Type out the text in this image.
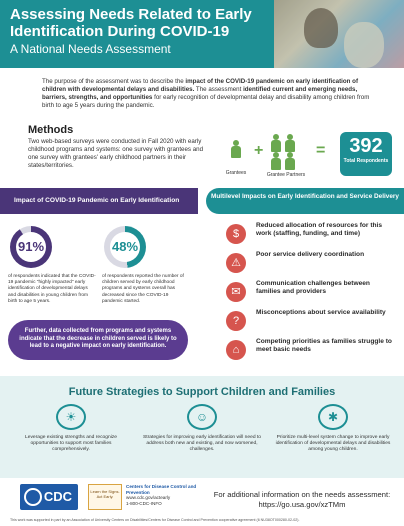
Assessing Needs Related to Early Identification During COVID-19
A National Needs Assessment
The purpose of the assessment was to describe the impact of the COVID-19 pandemic on early identification of children with developmental delays and disabilities. The assessment identified current and emerging needs, barriers, strengths, and opportunities for early recognition of developmental delay and disability among children from birth to age 5 years during the pandemic.
Methods

Two web-based surveys were conducted in Fall 2020 with early childhood programs and systems: one survey with grantees and one survey with grantees' early childhood partners in their states/territories.

Grantees
+
Grantee Partners
=	392
Total Respondents
Impact of COVID-19 Pandemic on Early Identification
91%
of respondents indicated that the COVID-19 pandemic "highly impacted" early identification of developmental delays and disabilities in young children from birth to age 5 years.
48%
of respondents reported the number of children served by early childhood programs and systems overall has decreased since the COVID-19 pandemic started.
Further, data collected from programs and systems indicate that the decrease in children served is likely to lead to a negative impact on early identification.
Multilevel Impacts on Early Identification and Service Delivery
$
Reduced allocation of resources for this work (staffing, funding, and time)
⚠
Poor service delivery coordination
✉
Communication challenges between families and providers
?
Misconceptions about service availability
⌂
Competing priorities as families struggle to meet basic needs
Future Strategies to Support Children and Families
☀

Leverage existing strengths and recognize opportunities to support most families comprehensively.

☺

Strategies for improving early identification will need to address both new and existing, and now worsened, challenges.

✱

Prioritize multi-level system change to improve early identification of developmental delays and disabilities among young children.

CDC	Learn the Signs. Act Early.
Centers for Disease Control and Prevention
www.cdc.gov/actearly
1-800-CDC-INFO
For additional information on the needs assessment:
https://go.usa.gov/xzTMm
This work was supported in part by an Association of University Centers on Disabilities/Centers for Disease Control and Prevention cooperative agreement (6 NU38OT000280-02-02).
